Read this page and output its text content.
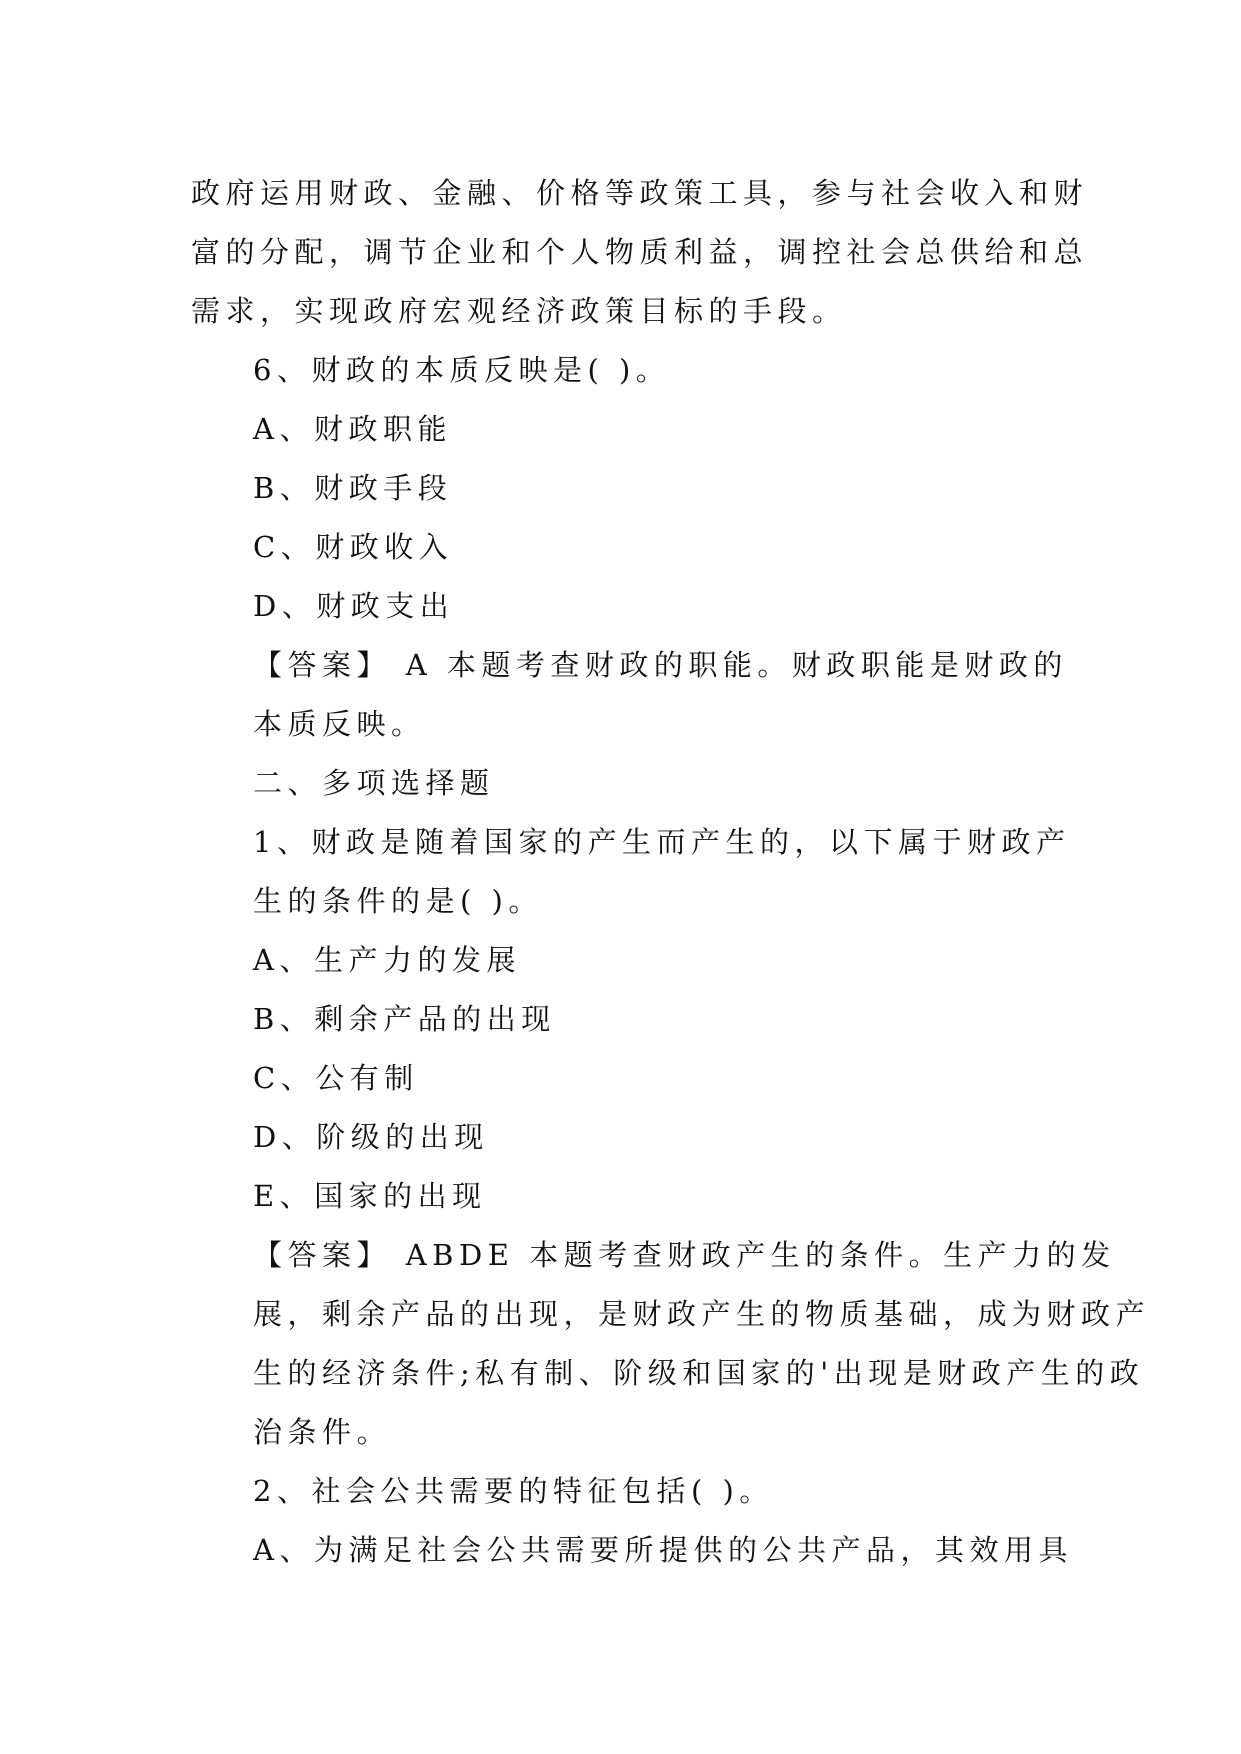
政府运用财政、金融、价格等政策工具，参与社会收入和财
富的分配，调节企业和个人物质利益，调控社会总供给和总
需求，实现政府宏观经济政策目标的手段。
6、财政的本质反映是( )。
A、财政职能
B、财政手段
C、财政收入
D、财政支出
【答案】 A 本题考查财政的职能。财政职能是财政的
本质反映。
二、多项选择题
1、财政是随着国家的产生而产生的，以下属于财政产
生的条件的是( )。
A、生产力的发展
B、剩余产品的出现
C、公有制
D、阶级的出现
E、国家的出现
【答案】 ABDE 本题考查财政产生的条件。生产力的发
展，剩余产品的出现，是财政产生的物质基础，成为财政产
生的经济条件;私有制、阶级和国家的'出现是财政产生的政
治条件。
2、社会公共需要的特征包括( )。
A、为满足社会公共需要所提供的公共产品，其效用具
